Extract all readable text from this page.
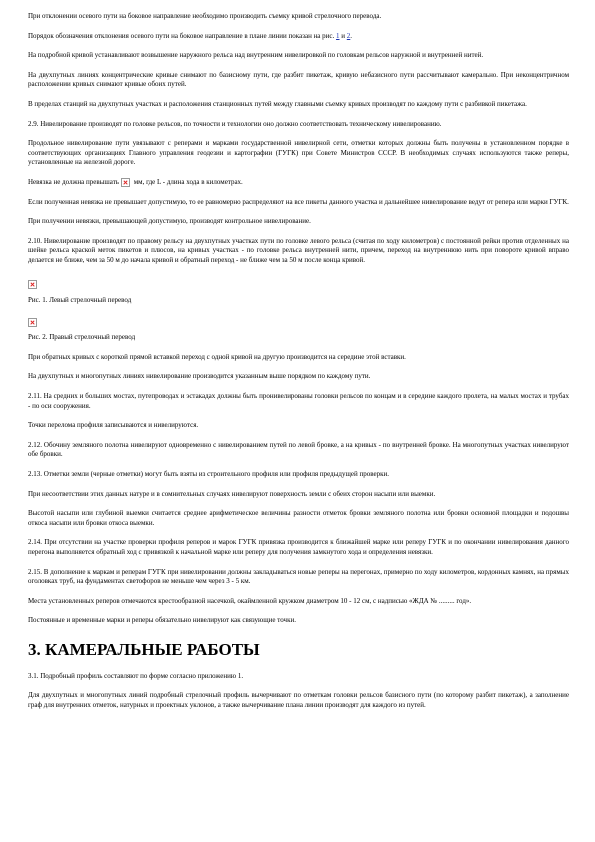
При отклонении осевого пути на боковое направление необходимо производить съемку кривой стрелочного перевода.

Порядок обозначения отклонения осевого пути на боковое направление в плане линии показан на рис. 1 и 2.

На подробной кривой устанавливают возвышение наружного рельса над внутренним нивелировкой по головкам рельсов наружной и внутренней нитей.

На двухпутных линиях концентрические кривые снимают по базисному пути, где разбит пикетаж, кривую небазисного пути рассчитывают камерально. При неконцентричном расположении кривых снимают кривые обоих путей.

В пределах станций на двухпутных участках и расположения станционных путей между главными съемку кривых производят по каждому пути с разбивкой пикетажа.

2.9. Нивелирование производят по головке рельсов, по точности и технологии оно должно соответствовать техническому нивелированию.

Продольное нивелирование пути увязывают с реперами и марками государственной нивелирной сети, отметки которых должны быть получены в установленном порядке в соответствующих организациях Главного управления геодезии и картографии (ГУГК) при Совете Министров СССР. В необходимых случаях используются также реперы, установленные на железной дороге.

Невязка не должна превышать мм, где L - длина хода в километрах.

Если полученная невязка не превышает допустимую, то ее равномерно распределяют на все пикеты данного участка и дальнейшее нивелирование ведут от репера или марки ГУГК.

При получении невязки, превышающей допустимую, производят контрольное нивелирование.

2.10. Нивелирование производят по правому рельсу на двухпутных участках пути по головке левого рельса (считая по ходу километров) с постоянной рейки против отделенных на шейке рельса краской меток пикетов и плюсов, на кривых участках - по головке рельса внутренней нити, причем, переход на внутреннюю нить при повороте кривой вправо делается не ближе, чем за 50 м до начала кривой и обратный переход - не ближе чем за 50 м после конца кривой.

Рис. 1. Левый стрелочный перевод

Рис. 2. Правый стрелочный перевод

При обратных кривых с короткой прямой вставкой переход с одной кривой на другую производится на середине этой вставки.

На двухпутных и многопутных линиях нивелирование производится указанным выше порядком по каждому пути.

2.11. На средних и больших мостах, путепроводах и эстакадах должны быть пронивелированы головки рельсов по концам и в середине каждого пролета, на малых мостах и трубах - по оси сооружения.

Точки перелома профиля записываются и нивелируются.

2.12. Обочину земляного полотна нивелируют одновременно с нивелированием путей по левой бровке, а на кривых - по внутренней бровке. На многопутных участках нивелируют обе бровки.

2.13. Отметки земли (черные отметки) могут быть взяты из строительного профиля или профиля предыдущей проверки.

При несоответствии этих данных натуре и в сомнительных случаях нивелируют поверхность земли с обеих сторон насыпи или выемки.

Высотой насыпи или глубиной выемки считается среднее арифметическое величины разности отметок бровки земляного полотна или бровки основной площадки и подошвы откоса насыпи или бровки откоса выемки.

2.14. При отсутствии на участке проверки профиля реперов и марок ГУГК привязка производится к ближайшей марке или реперу ГУГК и по окончании нивелирования данного перегона выполняется обратный ход с привязкой к начальной марке или реперу для получения замкнутого хода и определения невязки.

2.15. В дополнение к маркам и реперам ГУГК при нивелировании должны закладываться новые реперы на перегонах, примерно по ходу километров, кордонных камнях, на прямых оголовках труб, на фундаментах светофоров не меньше чем через 3 - 5 км.

Места установленных реперов отмечаются крестообразной насечкой, окаймленной кружком диаметром 10 - 12 см, с надписью «ЖДА № ......... год».

Постоянные и временные марки и реперы обязательно нивелируют как связующие точки.

3. КАМЕРАЛЬНЫЕ РАБОТЫ

3.1. Подробный профиль составляют по форме согласно приложению 1.

Для двухпутных и многопутных линий подробный стрелочный профиль вычерчивают по отметкам головки рельсов базисного пути (по которому разбит пикетаж), а заполнение граф для внутренних отметок, натурных и проектных уклонов, а также вычерчивание плана линии производят для каждого из путей.
